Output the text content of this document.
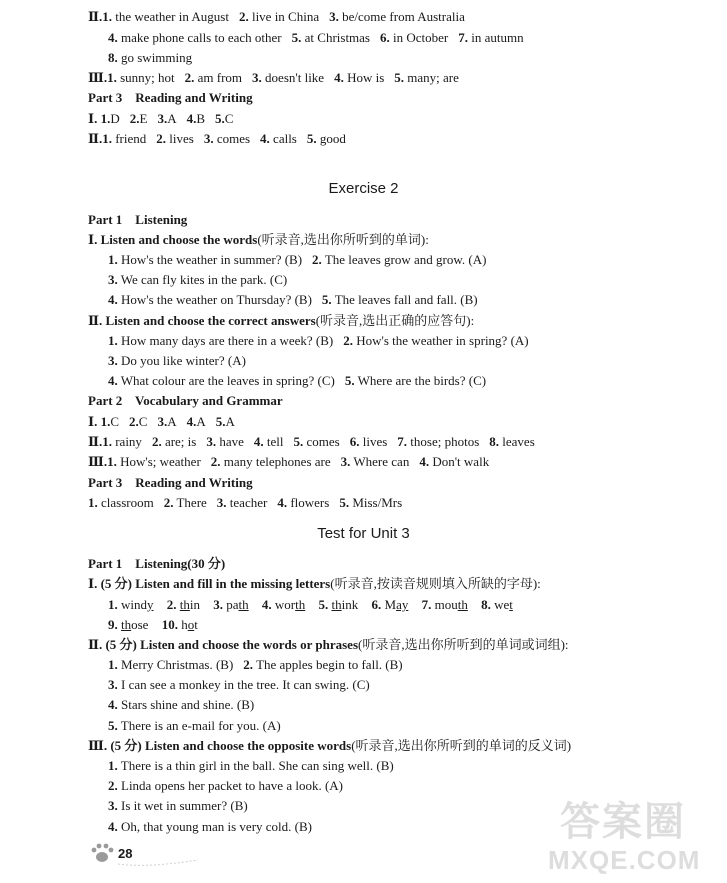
Ⅱ.1. the weather in August 2. live in China 3. be/come from Australia
4. make phone calls to each other 5. at Christmas 6. in October 7. in autumn
8. go swimming
Ⅲ.1. sunny; hot 2. am from 3. doesn't like 4. How is 5. many; are
Part 3    Reading and Writing
Ⅰ. 1.D 2.E 3.A 4.B 5.C
Ⅱ.1. friend 2. lives 3. comes 4. calls 5. good
Exercise 2
Part 1    Listening
Ⅰ. Listen and choose the words(听录音,选出你所听到的单词):
1. How's the weather in summer? (B) 2. The leaves grow and grow. (A)
3. We can fly kites in the park. (C)
4. How's the weather on Thursday? (B) 5. The leaves fall and fall. (B)
Ⅱ. Listen and choose the correct answers(听录音,选出正确的应答句):
1. How many days are there in a week? (B) 2. How's the weather in spring? (A)
3. Do you like winter? (A)
4. What colour are the leaves in spring? (C) 5. Where are the birds? (C)
Part 2    Vocabulary and Grammar
Ⅰ. 1.C 2.C 3.A 4.A 5.A
Ⅱ.1. rainy 2. are; is 3. have 4. tell 5. comes 6. lives 7. those; photos 8. leaves
Ⅲ.1. How's; weather 2. many telephones are 3. Where can 4. Don't walk
Part 3    Reading and Writing
1. classroom 2. There 3. teacher 4. flowers 5. Miss/Mrs
Test for Unit 3
Part 1    Listening(30 分)
Ⅰ. (5 分) Listen and fill in the missing letters(听录音,按读音规则填入所缺的字母):
1. windy 2. thin 3. path 4. worth 5. think 6. May 7. mouth 8. wet
9. those 10. hot
Ⅱ. (5 分) Listen and choose the words or phrases(听录音,选出你所听到的单词或词组):
1. Merry Christmas. (B) 2. The apples begin to fall. (B)
3. I can see a monkey in the tree. It can swing. (C)
4. Stars shine and shine. (B)
5. There is an e-mail for you. (A)
Ⅲ. (5 分) Listen and choose the opposite words(听录音,选出你所听到的单词的反义词)
1. There is a thin girl in the ball. She can sing well. (B)
2. Linda opens her packet to have a look. (A)
3. Is it wet in summer? (B)
4. Oh, that young man is very cold. (B)
28
答案圈
MXQE.COM
